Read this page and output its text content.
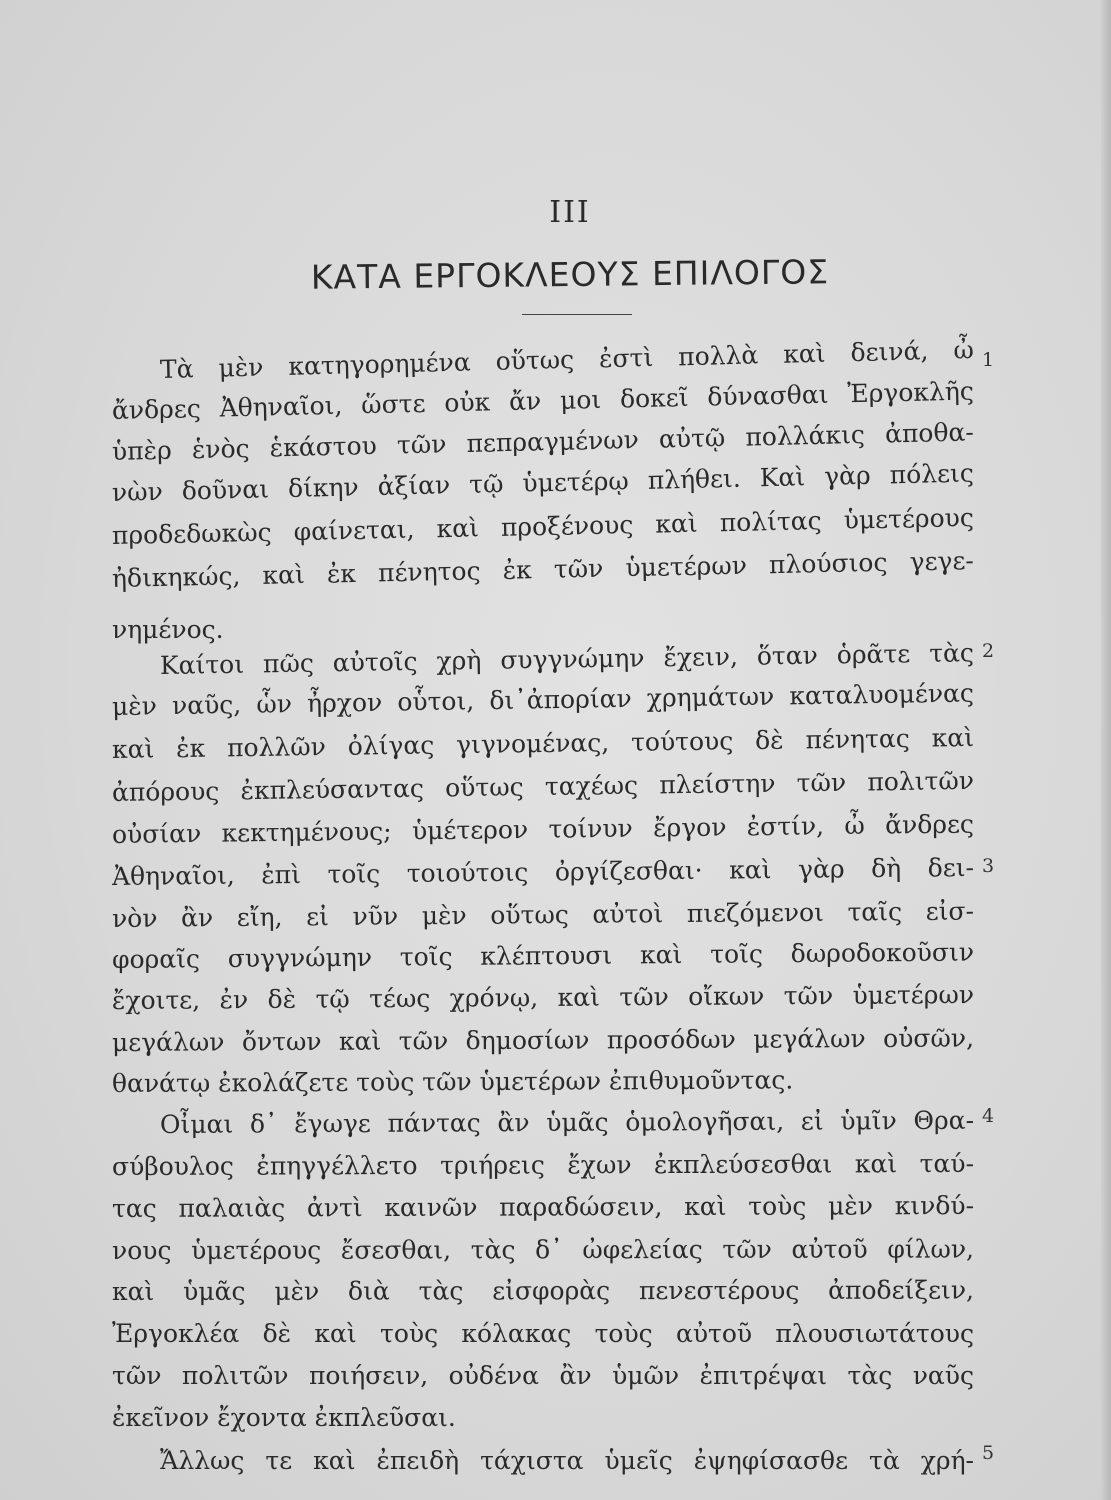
III
ΚΑΤΑ ΕΡΓΟΚΛΕΟΥΣ ΕΠΙΛΟΓΟΣ
Τὰ μὲν κατηγορημένα οὕτως ἐστὶ πολλὰ καὶ δεινά, ὦ
ἄνδρες Ἀθηναῖοι, ὥστε οὐκ ἄν μοι δοκεῖ δύνασθαι Ἐργοκλῆς
ὑπὲρ ἑνὸς ἑκάστου τῶν πεπραγμένων αὐτῷ πολλάκις ἀποθα-
νὼν δοῦναι δίκην ἀξίαν τῷ ὑμετέρῳ πλήθει. Καὶ γὰρ πόλεις
προδεδωκὼς φαίνεται, καὶ προξένους καὶ πολίτας ὑμετέρους
ἠδικηκώς, καὶ ἐκ πένητος ἐκ τῶν ὑμετέρων πλούσιος γεγε-
νημένος.
Καίτοι πῶς αὐτοῖς χρὴ συγγνώμην ἔχειν, ὅταν ὁρᾶτε τὰς
μὲν ναῦς, ὧν ἦρχον οὗτοι, δι᾽ἀπορίαν χρημάτων καταλυομένας
καὶ ἐκ πολλῶν ὀλίγας γιγνομένας, τούτους δὲ πένητας καὶ
ἀπόρους ἐκπλεύσαντας οὕτως ταχέως πλείστην τῶν πολιτῶν
οὐσίαν κεκτημένους; ὑμέτερον τοίνυν ἔργον ἐστίν, ὦ ἄνδρες
Ἀθηναῖοι, ἐπὶ τοῖς τοιούτοις ὀργίζεσθαι· καὶ γὰρ δὴ δει-
νὸν ἂν εἴη, εἰ νῦν μὲν οὕτως αὐτοὶ πιεζόμενοι ταῖς εἰσ-
φοραῖς συγγνώμην τοῖς κλέπτουσι καὶ τοῖς δωροδοκοῦσιν
ἔχοιτε, ἐν δὲ τῷ τέως χρόνῳ, καὶ τῶν οἴκων τῶν ὑμετέρων
μεγάλων ὄντων καὶ τῶν δημοσίων προσόδων μεγάλων οὐσῶν,
θανάτῳ ἐκολάζετε τοὺς τῶν ὑμετέρων ἐπιθυμοῦντας.
Οἶμαι δ᾽ ἔγωγε πάντας ἂν ὑμᾶς ὁμολογῆσαι, εἰ ὑμῖν Θρα-
σύβουλος ἐπηγγέλλετο τριήρεις ἔχων ἐκπλεύσεσθαι καὶ ταύ-
τας παλαιὰς ἀντὶ καινῶν παραδώσειν, καὶ τοὺς μὲν κινδύ-
νους ὑμετέρους ἔσεσθαι, τὰς δ᾽ ὠφελείας τῶν αὐτοῦ φίλων,
καὶ ὑμᾶς μὲν διὰ τὰς εἰσφορὰς πενεστέρους ἀποδείξειν,
Ἐργοκλέα δὲ καὶ τοὺς κόλακας τοὺς αὐτοῦ πλουσιωτάτους
τῶν πολιτῶν ποιήσειν, οὐδένα ἂν ὑμῶν ἐπιτρέψαι τὰς ναῦς
ἐκεῖνον ἔχοντα ἐκπλεῦσαι.
Ἄλλως τε καὶ ἐπειδὴ τάχιστα ὑμεῖς ἐψηφίσασθε τὰ χρή-
1
2
3
4
5
